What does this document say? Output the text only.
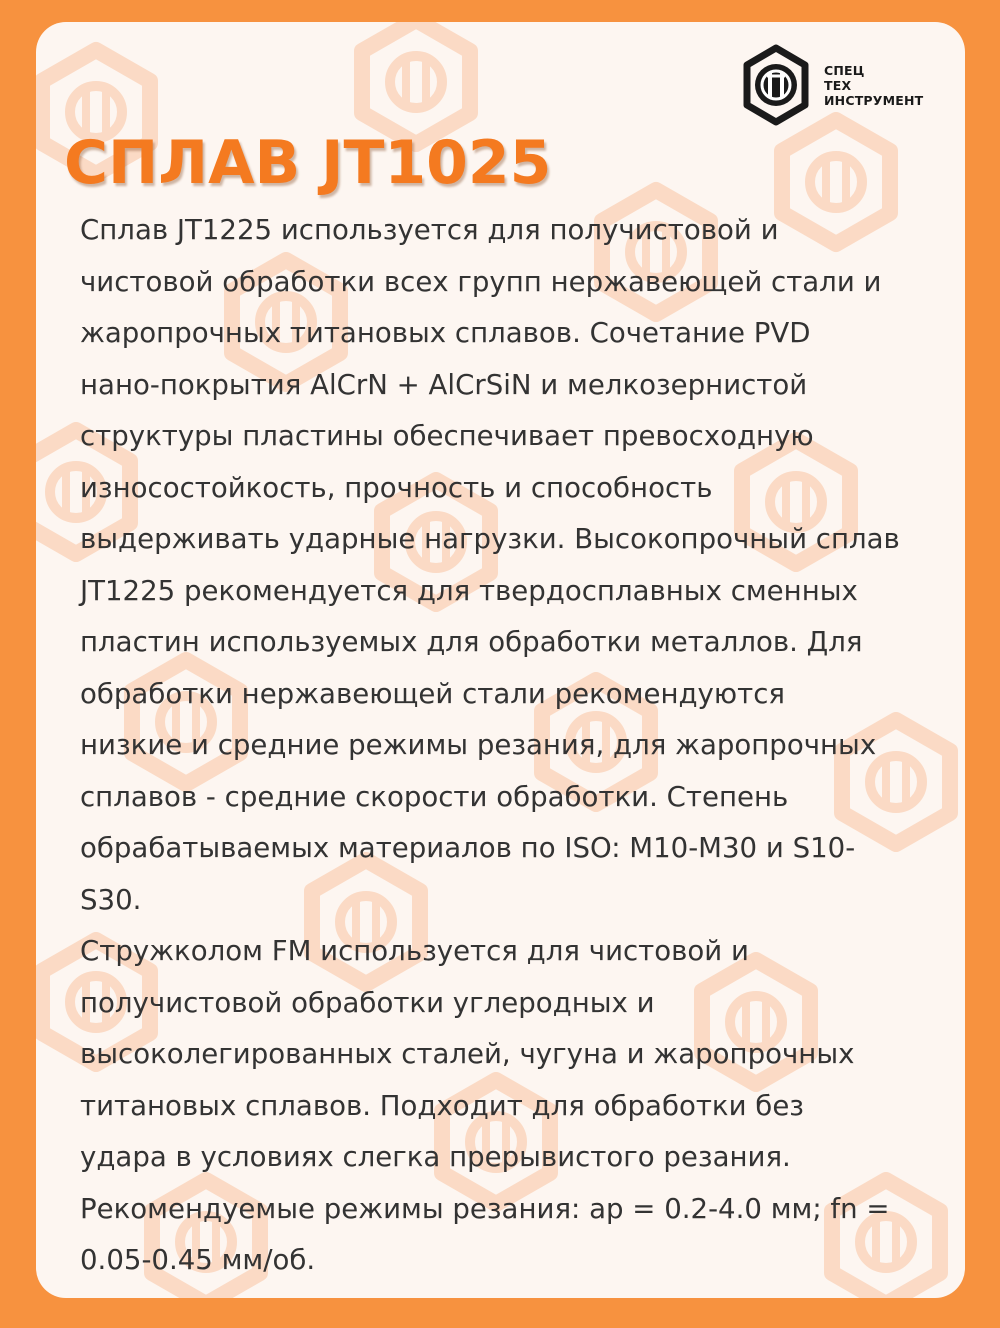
СПЕЦ
ТЕХ
ИНСТРУМЕНТ
СПЛАВ JT1025

Сплав JT1225 используется для получистовой и

чистовой обработки всех групп нержавеющей стали и

жаропрочных титановых сплавов. Сочетание PVD

нано-покрытия AlCrN + AlCrSiN и мелкозернистой

структуры пластины обеспечивает превосходную

износостойкость, прочность и способность

выдерживать ударные нагрузки. Высокопрочный сплав

JT1225 рекомендуется для твердосплавных сменных

пластин используемых для обработки металлов. Для

обработки нержавеющей стали рекомендуются

низкие и средние режимы резания, для жаропрочных

сплавов - средние скорости обработки. Степень

обрабатываемых материалов по ISO: M10-M30 и S10-

S30.

Стружколом FM используется для чистовой и

получистовой обработки углеродных и

высоколегированных сталей, чугуна и жаропрочных

титановых сплавов. Подходит для обработки без

удара в условиях слегка прерывистого резания.

Рекомендуемые режимы резания: ap = 0.2-4.0 мм; fn =

0.05-0.45 мм/об.
